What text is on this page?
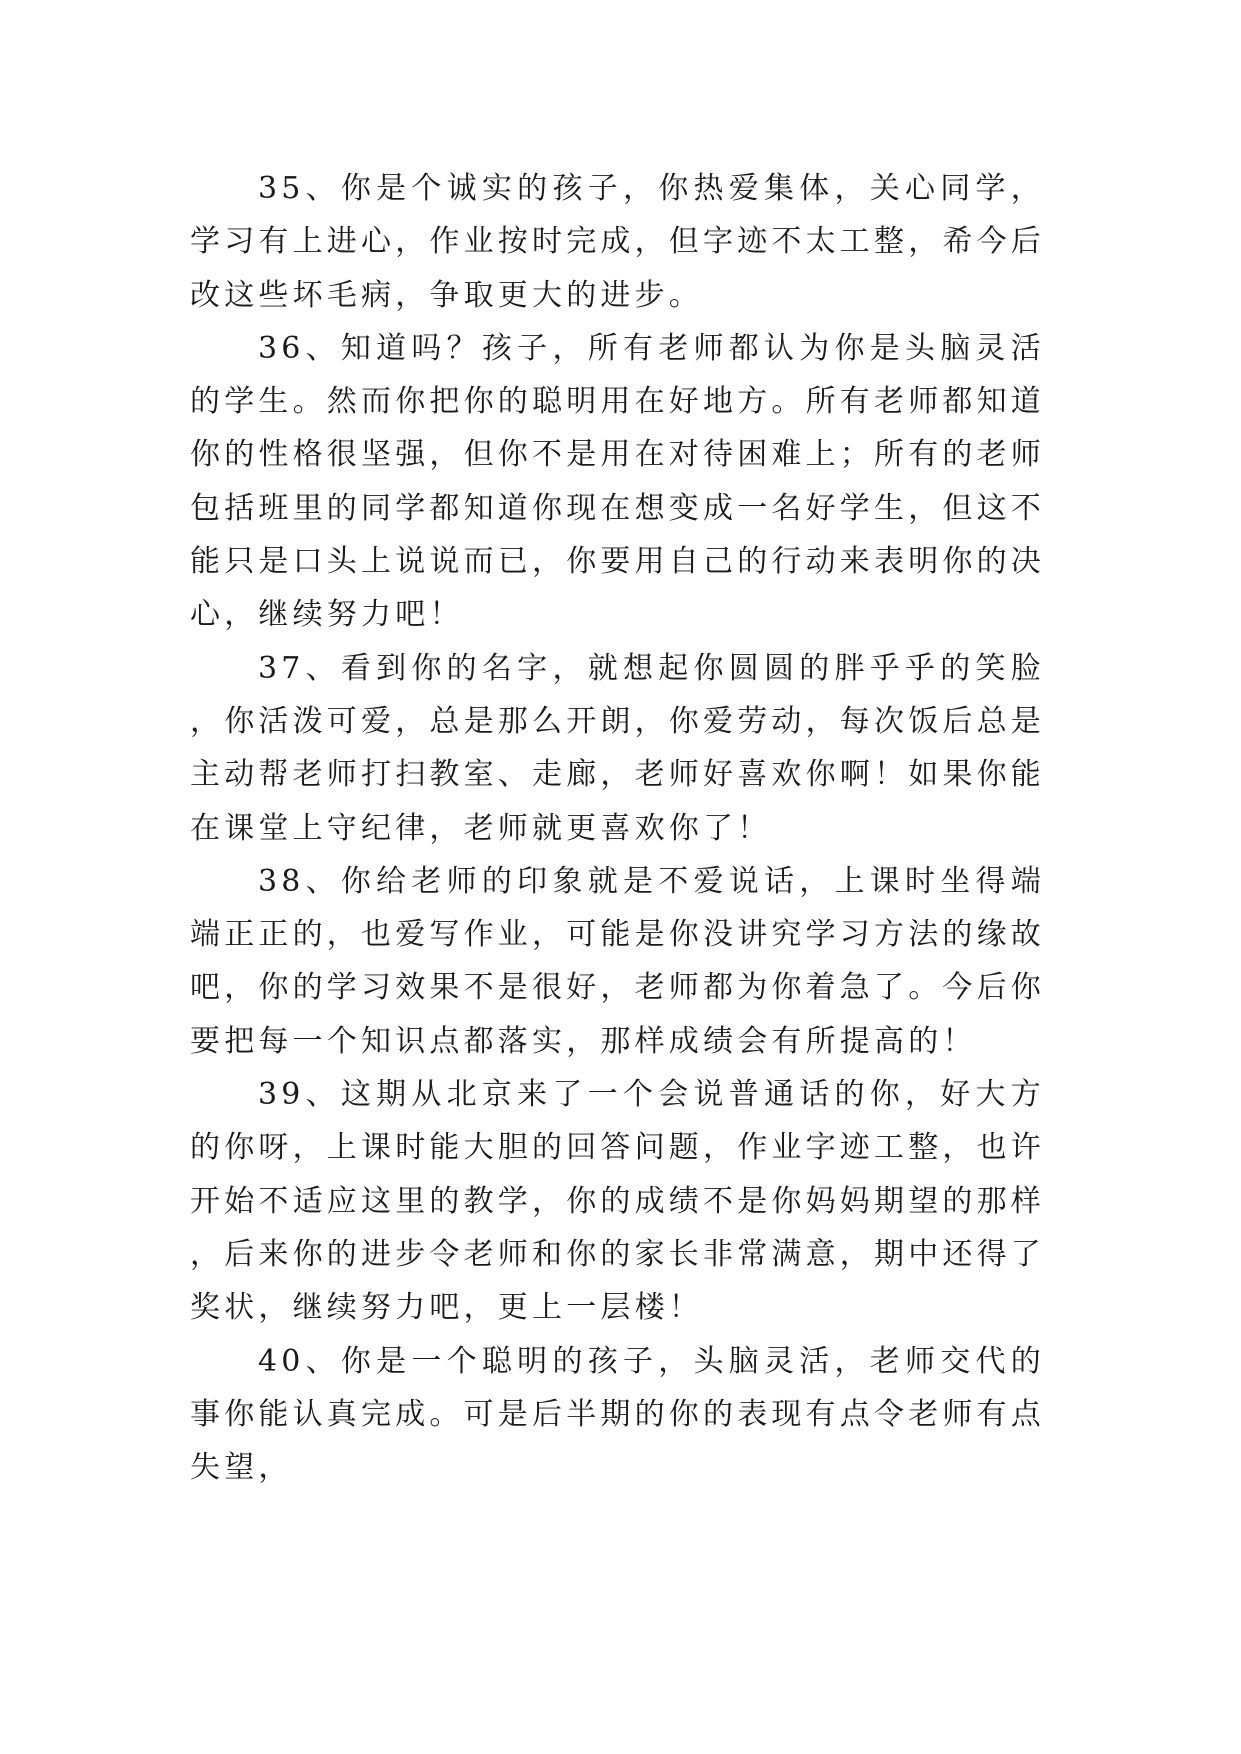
35、你是个诚实的孩子，你热爱集体，关心同学，学习有上进心，作业按时完成，但字迹不太工整，希今后改这些坏毛病，争取更大的进步。

36、知道吗？孩子，所有老师都认为你是头脑灵活的学生。然而你把你的聪明用在好地方。所有老师都知道你的性格很坚强，但你不是用在对待困难上；所有的老师包括班里的同学都知道你现在想变成一名好学生，但这不能只是口头上说说而已，你要用自己的行动来表明你的决心，继续努力吧！

37、看到你的名字，就想起你圆圆的胖乎乎的笑脸，你活泼可爱，总是那么开朗，你爱劳动，每次饭后总是主动帮老师打扫教室、走廊，老师好喜欢你啊！如果你能在课堂上守纪律，老师就更喜欢你了！

38、你给老师的印象就是不爱说话，上课时坐得端端正正的，也爱写作业，可能是你没讲究学习方法的缘故吧，你的学习效果不是很好，老师都为你着急了。今后你要把每一个知识点都落实，那样成绩会有所提高的！

39、这期从北京来了一个会说普通话的你，好大方的你呀，上课时能大胆的回答问题，作业字迹工整，也许开始不适应这里的教学，你的成绩不是你妈妈期望的那样，后来你的进步令老师和你的家长非常满意，期中还得了奖状，继续努力吧，更上一层楼！

40、你是一个聪明的孩子，头脑灵活，老师交代的事你能认真完成。可是后半期的你的表现有点令老师有点失望，
